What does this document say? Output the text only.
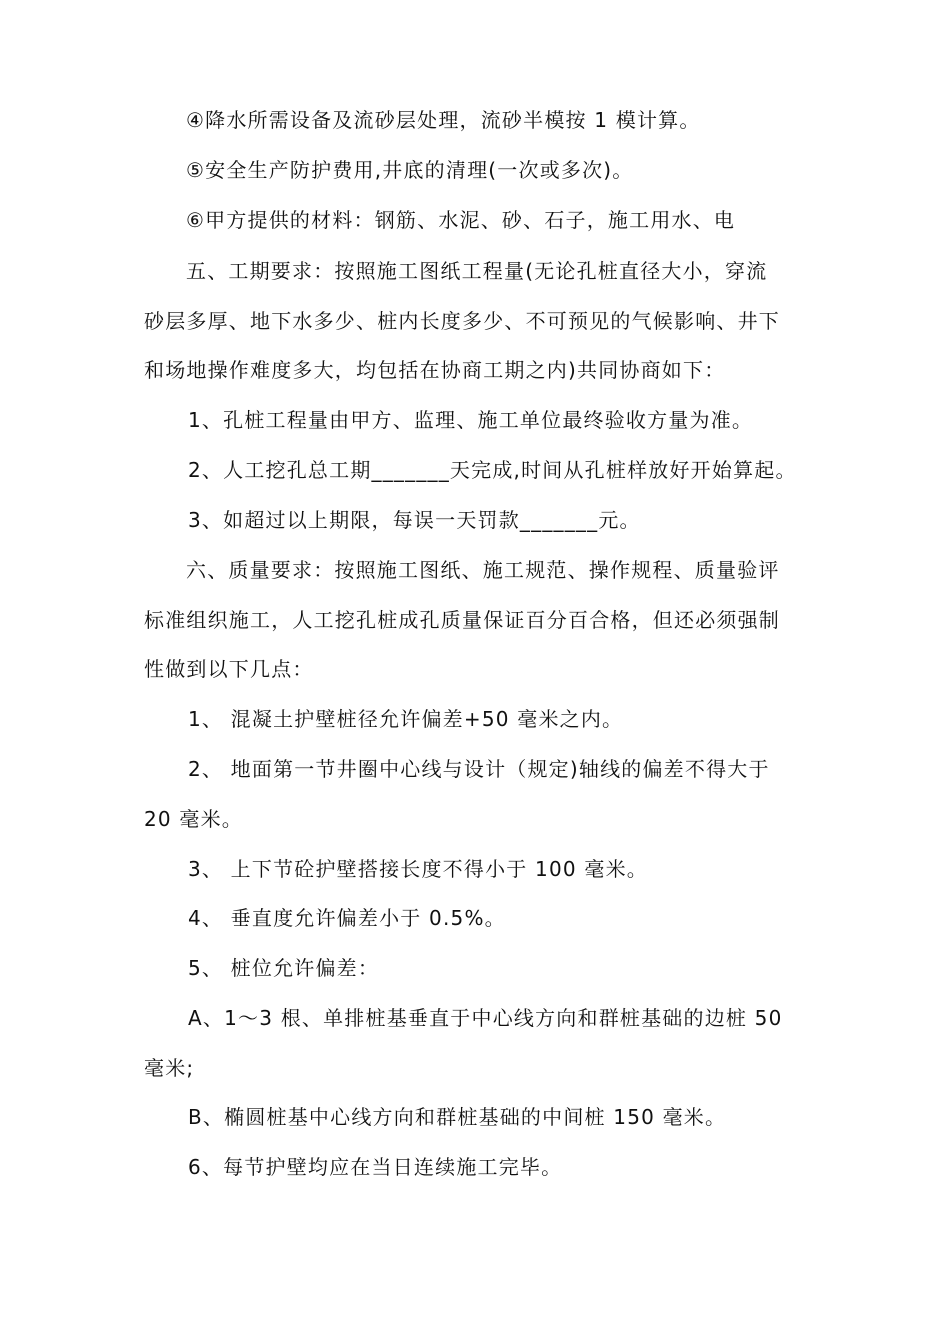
④降水所需设备及流砂层处理，流砂半模按 1 模计算。
⑤安全生产防护费用,井底的清理(一次或多次)。
⑥甲方提供的材料：钢筋、水泥、砂、石子，施工用水、电
五、工期要求：按照施工图纸工程量(无论孔桩直径大小，穿流
砂层多厚、地下水多少、桩内长度多少、不可预见的气候影响、井下
和场地操作难度多大，均包括在协商工期之内)共同协商如下：
1、孔桩工程量由甲方、监理、施工单位最终验收方量为准。
2、人工挖孔总工期_______天完成,时间从孔桩样放好开始算起。
3、如超过以上期限，每误一天罚款_______元。
六、质量要求：按照施工图纸、施工规范、操作规程、质量验评
标准组织施工，人工挖孔桩成孔质量保证百分百合格，但还必须强制
性做到以下几点：
1、 混凝土护壁桩径允许偏差+50 毫米之内。
2、 地面第一节井圈中心线与设计（规定)轴线的偏差不得大于
20 毫米。
3、 上下节砼护壁搭接长度不得小于 100 毫米。
4、 垂直度允许偏差小于 0.5%。
5、 桩位允许偏差：
A、1～3 根、单排桩基垂直于中心线方向和群桩基础的边桩 50
毫米;
B、椭圆桩基中心线方向和群桩基础的中间桩 150 毫米。
6、每节护壁均应在当日连续施工完毕。
